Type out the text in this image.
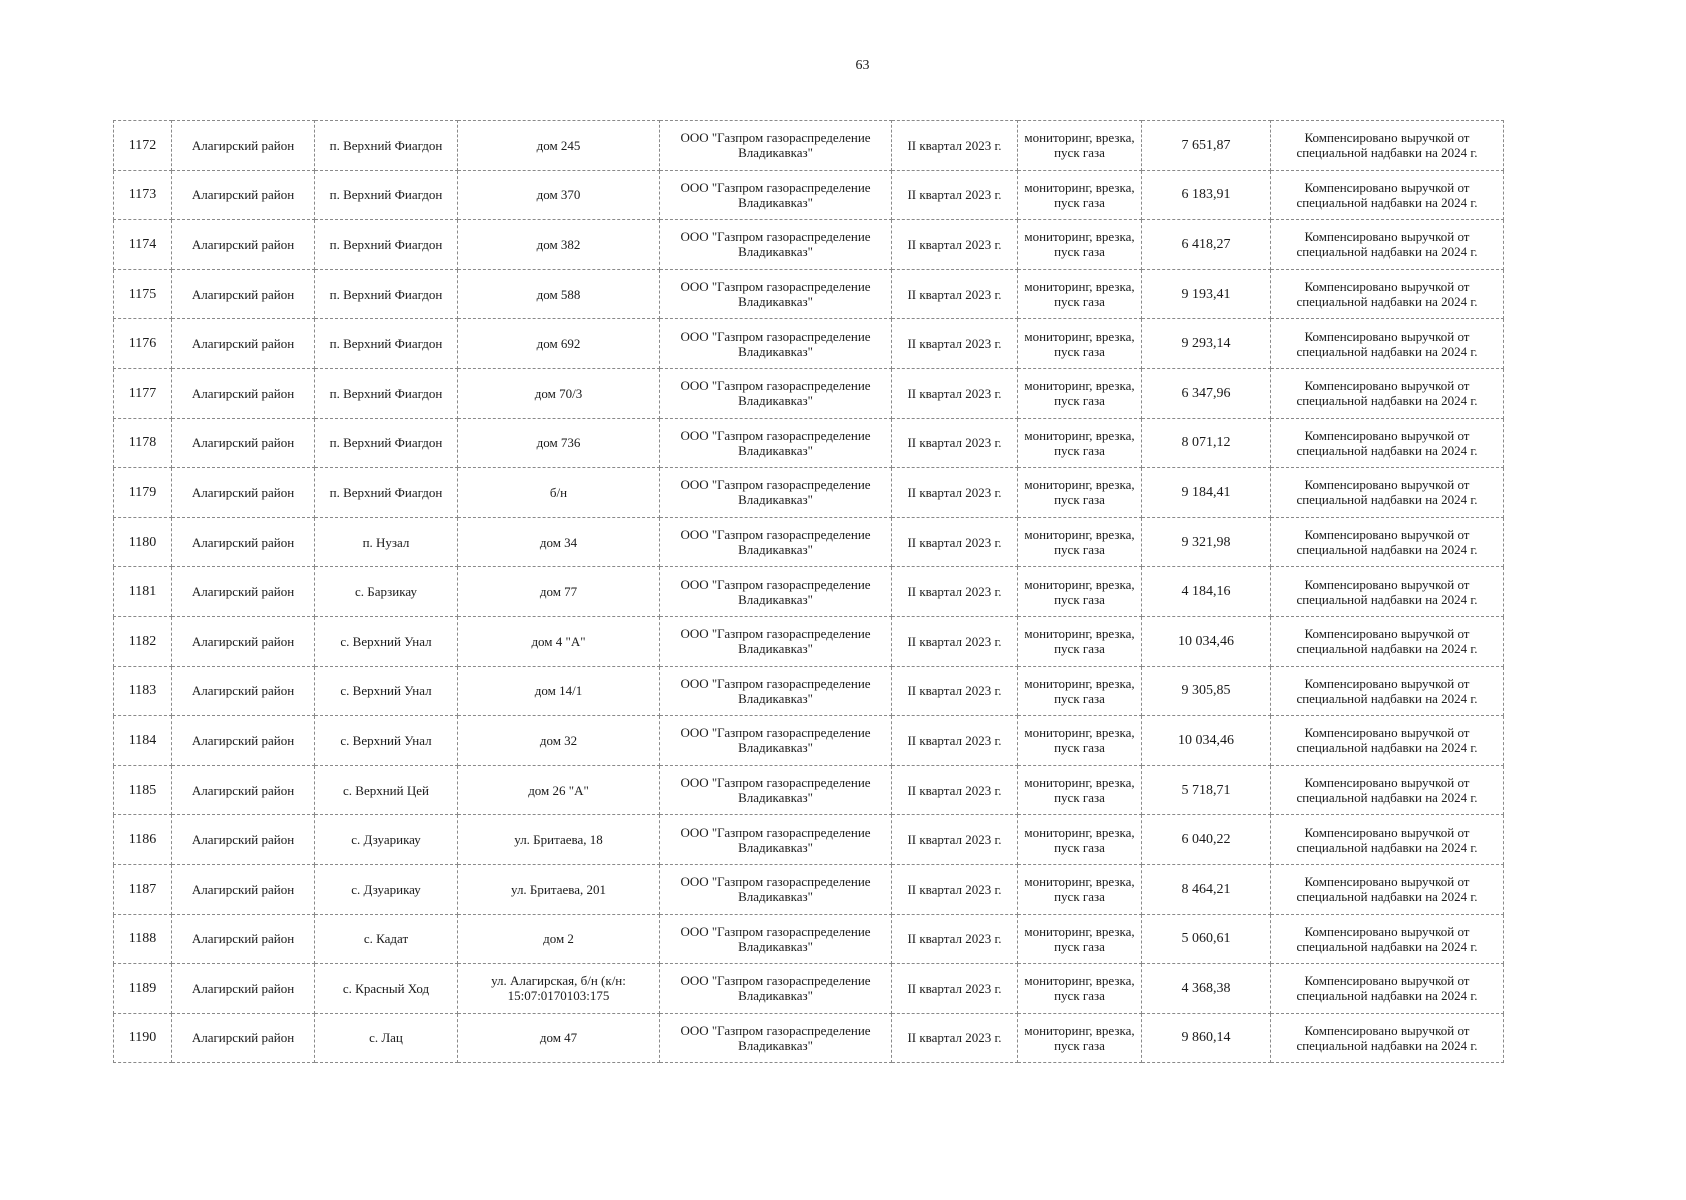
63
1172	Алагирский район	п. Верхний Фиагдон	дом 245	ООО "Газпром газораспределение Владикавказ"	II квартал 2023 г.	мониторинг, врезка, пуск газа	7 651,87	Компенсировано выручкой от специальной надбавки на 2024 г.
1173	Алагирский район	п. Верхний Фиагдон	дом 370	ООО "Газпром газораспределение Владикавказ"	II квартал 2023 г.	мониторинг, врезка, пуск газа	6 183,91	Компенсировано выручкой от специальной надбавки на 2024 г.
1174	Алагирский район	п. Верхний Фиагдон	дом 382	ООО "Газпром газораспределение Владикавказ"	II квартал 2023 г.	мониторинг, врезка, пуск газа	6 418,27	Компенсировано выручкой от специальной надбавки на 2024 г.
1175	Алагирский район	п. Верхний Фиагдон	дом 588	ООО "Газпром газораспределение Владикавказ"	II квартал 2023 г.	мониторинг, врезка, пуск газа	9 193,41	Компенсировано выручкой от специальной надбавки на 2024 г.
1176	Алагирский район	п. Верхний Фиагдон	дом 692	ООО "Газпром газораспределение Владикавказ"	II квартал 2023 г.	мониторинг, врезка, пуск газа	9 293,14	Компенсировано выручкой от специальной надбавки на 2024 г.
1177	Алагирский район	п. Верхний Фиагдон	дом 70/3	ООО "Газпром газораспределение Владикавказ"	II квартал 2023 г.	мониторинг, врезка, пуск газа	6 347,96	Компенсировано выручкой от специальной надбавки на 2024 г.
1178	Алагирский район	п. Верхний Фиагдон	дом 736	ООО "Газпром газораспределение Владикавказ"	II квартал 2023 г.	мониторинг, врезка, пуск газа	8 071,12	Компенсировано выручкой от специальной надбавки на 2024 г.
1179	Алагирский район	п. Верхний Фиагдон	б/н	ООО "Газпром газораспределение Владикавказ"	II квартал 2023 г.	мониторинг, врезка, пуск газа	9 184,41	Компенсировано выручкой от специальной надбавки на 2024 г.
1180	Алагирский район	п. Нузал	дом 34	ООО "Газпром газораспределение Владикавказ"	II квартал 2023 г.	мониторинг, врезка, пуск газа	9 321,98	Компенсировано выручкой от специальной надбавки на 2024 г.
1181	Алагирский район	с. Барзикау	дом 77	ООО "Газпром газораспределение Владикавказ"	II квартал 2023 г.	мониторинг, врезка, пуск газа	4 184,16	Компенсировано выручкой от специальной надбавки на 2024 г.
1182	Алагирский район	с. Верхний Унал	дом 4 "А"	ООО "Газпром газораспределение Владикавказ"	II квартал 2023 г.	мониторинг, врезка, пуск газа	10 034,46	Компенсировано выручкой от специальной надбавки на 2024 г.
1183	Алагирский район	с. Верхний Унал	дом 14/1	ООО "Газпром газораспределение Владикавказ"	II квартал 2023 г.	мониторинг, врезка, пуск газа	9 305,85	Компенсировано выручкой от специальной надбавки на 2024 г.
1184	Алагирский район	с. Верхний Унал	дом 32	ООО "Газпром газораспределение Владикавказ"	II квартал 2023 г.	мониторинг, врезка, пуск газа	10 034,46	Компенсировано выручкой от специальной надбавки на 2024 г.
1185	Алагирский район	с. Верхний Цей	дом 26 "А"	ООО "Газпром газораспределение Владикавказ"	II квартал 2023 г.	мониторинг, врезка, пуск газа	5 718,71	Компенсировано выручкой от специальной надбавки на 2024 г.
1186	Алагирский район	с. Дзуарикау	ул. Бритаева, 18	ООО "Газпром газораспределение Владикавказ"	II квартал 2023 г.	мониторинг, врезка, пуск газа	6 040,22	Компенсировано выручкой от специальной надбавки на 2024 г.
1187	Алагирский район	с. Дзуарикау	ул. Бритаева, 201	ООО "Газпром газораспределение Владикавказ"	II квартал 2023 г.	мониторинг, врезка, пуск газа	8 464,21	Компенсировано выручкой от специальной надбавки на 2024 г.
1188	Алагирский район	с. Кадат	дом 2	ООО "Газпром газораспределение Владикавказ"	II квартал 2023 г.	мониторинг, врезка, пуск газа	5 060,61	Компенсировано выручкой от специальной надбавки на 2024 г.
1189	Алагирский район	с. Красный Ход	ул. Алагирская, б/н (к/н: 15:07:0170103:175	ООО "Газпром газораспределение Владикавказ"	II квартал 2023 г.	мониторинг, врезка, пуск газа	4 368,38	Компенсировано выручкой от специальной надбавки на 2024 г.
1190	Алагирский район	с. Лац	дом 47	ООО "Газпром газораспределение Владикавказ"	II квартал 2023 г.	мониторинг, врезка, пуск газа	9 860,14	Компенсировано выручкой от специальной надбавки на 2024 г.
